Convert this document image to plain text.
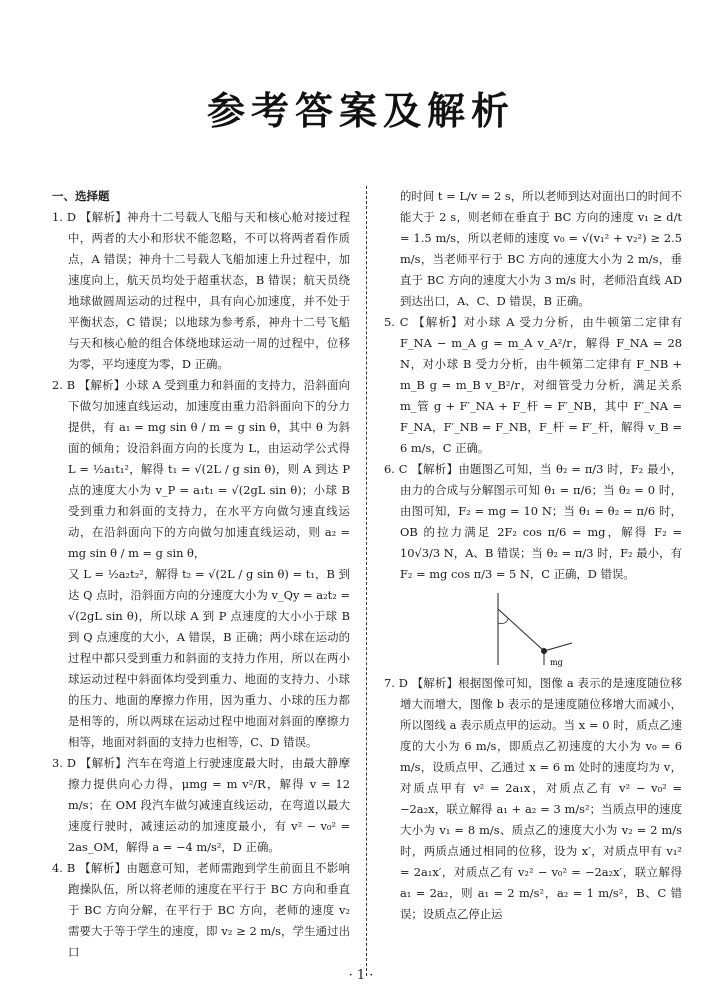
参考答案及解析
一、选择题

1. D 【解析】神舟十二号载人飞船与天和核心舱对接过程中，两者的大小和形状不能忽略，不可以将两者看作质点，A 错误；神舟十二号载人飞船加速上升过程中，加速度向上，航天员均处于超重状态，B 错误；航天员绕地球做圆周运动的过程中，具有向心加速度，并不处于平衡状态，C 错误；以地球为参考系，神舟十二号飞船与天和核心舱的组合体绕地球运动一周的过程中，位移为零，平均速度为零，D 正确。

2. B 【解析】小球 A 受到重力和斜面的支持力，沿斜面向下做匀加速直线运动，加速度由重力沿斜面向下的分力提供，有 a₁ = mg sin θ / m = g sin θ，其中 θ 为斜面的倾角；设沿斜面方向的长度为 L，由运动学公式得 L = ½a₁t₁²，解得 t₁ = √(2L / g sin θ)，则 A 到达 P 点的速度大小为 v_P = a₁t₁ = √(2gL sin θ)；小球 B 受到重力和斜面的支持力，在水平方向做匀速直线运动，在沿斜面向下的方向做匀加速直线运动，则 a₂ = mg sin θ / m = g sin θ，

又 L = ½a₂t₂²，解得 t₂ = √(2L / g sin θ) = t₁，B 到达 Q 点时，沿斜面方向的分速度大小为 v_Qy = a₂t₂ = √(2gL sin θ)，所以球 A 到 P 点速度的大小小于球 B 到 Q 点速度的大小，A 错误，B 正确；两小球在运动的过程中都只受到重力和斜面的支持力作用，所以在两小球运动过程中斜面体均受到重力、地面的支持力、小球的压力、地面的摩擦力作用，因为重力、小球的压力都是相等的，所以两球在运动过程中地面对斜面的摩擦力相等，地面对斜面的支持力也相等，C、D 错误。

3. D 【解析】汽车在弯道上行驶速度最大时，由最大静摩擦力提供向心力得，μmg = m v²/R，解得 v = 12 m/s；在 OM 段汽车做匀减速直线运动，在弯道以最大速度行驶时，减速运动的加速度最小，有 v² − v₀² = 2as_OM，解得 a = −4 m/s²，D 正确。

4. B 【解析】由题意可知，老师需跑到学生前面且不影响跑操队伍，所以将老师的速度在平行于 BC 方向和垂直于 BC 方向分解，在平行于 BC 方向，老师的速度 v₂ 需要大于等于学生的速度，即 v₂ ≥ 2 m/s，学生通过出口

的时间 t = L/v = 2 s，所以老师到达对面出口的时间不能大于 2 s，则老师在垂直于 BC 方向的速度 v₁ ≥ d/t = 1.5 m/s，所以老师的速度 v₀ = √(v₁² + v₂²) ≥ 2.5 m/s，当老师平行于 BC 方向的速度大小为 2 m/s，垂直于 BC 方向的速度大小为 3 m/s 时，老师沿直线 AD 到达出口，A、C、D 错误，B 正确。

5. C 【解析】对小球 A 受力分析，由牛顿第二定律有 F_NA − m_A g = m_A v_A²/r，解得 F_NA = 28 N，对小球 B 受力分析，由牛顿第二定律有 F_NB + m_B g = m_B v_B²/r，对细管受力分析，满足关系 m_管 g + F′_NA + F_杆 = F′_NB，其中 F′_NA = F_NA，F′_NB = F_NB，F_杆 = F′_杆，解得 v_B = 6 m/s，C 正确。

6. C 【解析】由题图乙可知，当 θ₂ = π/3 时，F₂ 最小，由力的合成与分解图示可知 θ₁ = π/6；当 θ₂ = 0 时，由图可知，F₂ = mg = 10 N；当 θ₁ = θ₂ = π/6 时，OB 的拉力满足 2F₂ cos π/6 = mg，解得 F₂ = 10√3/3 N，A、B 错误；当 θ₂ = π/3 时，F₂ 最小，有 F₂ = mg cos π/3 = 5 N，C 正确，D 错误。

mg

7. D 【解析】根据图像可知，图像 a 表示的是速度随位移增大而增大，图像 b 表示的是速度随位移增大而减小，所以图线 a 表示质点甲的运动。当 x = 0 时，质点乙速度的大小为 6 m/s，即质点乙初速度的大小为 v₀ = 6 m/s，设质点甲、乙通过 x = 6 m 处时的速度均为 v，对质点甲有 v² = 2a₁x，对质点乙有 v² − v₀² = −2a₂x，联立解得 a₁ + a₂ = 3 m/s²；当质点甲的速度大小为 v₁ = 8 m/s、质点乙的速度大小为 v₂ = 2 m/s 时，两质点通过相同的位移，设为 x′，对质点甲有 v₁² = 2a₁x′，对质点乙有 v₂² − v₀² = −2a₂x′，联立解得 a₁ = 2a₂，则 a₁ = 2 m/s²，a₂ = 1 m/s²，B、C 错误；设质点乙停止运

· 1 ·
